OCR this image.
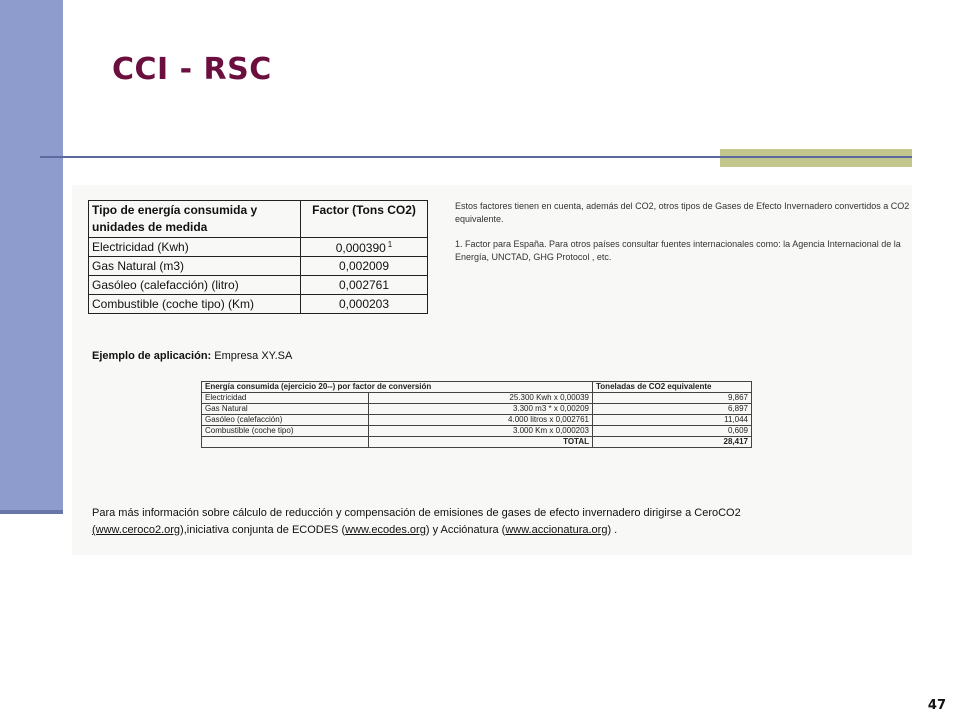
CCI - RSC
Tipo de energía consumida y unidades de medida	Factor (Tons CO2)
Electricidad (Kwh)	0,000390 $^1$
Gas Natural (m3)	0,002009
Gasóleo (calefacción) (litro)	0,002761
Combustible (coche tipo) (Km)	0,000203

Estos factores tienen en cuenta, además del CO2, otros tipos de Gases de Efecto Invernadero convertidos a CO2 equivalente.

1. Factor para España. Para otros países consultar fuentes internacionales como: la Agencia Internacional de la Energía, UNCTAD, GHG Protocol , etc.

Ejemplo de aplicación: Empresa XY.SA
Energía consumida (ejercicio 20--) por factor de conversión		Toneladas de CO2 equivalente
Electricidad	25.300 Kwh x 0,00039	9,867
Gas Natural	3.300 m3 * x 0,00209	6,897
Gasóleo (calefacción)	4.000 litros x 0,002761	11,044
Combustible (coche tipo)	3.000 Km x 0,000203	0,609
	TOTAL	28,417
Para más información sobre cálculo de reducción y compensación de emisiones de gases de efecto invernadero dirigirse a CeroCO2
(www.ceroco2.org),iniciativa conjunta de ECODES (www.ecodes.org) y Acciónatura (www.accionatura.org) .
47
